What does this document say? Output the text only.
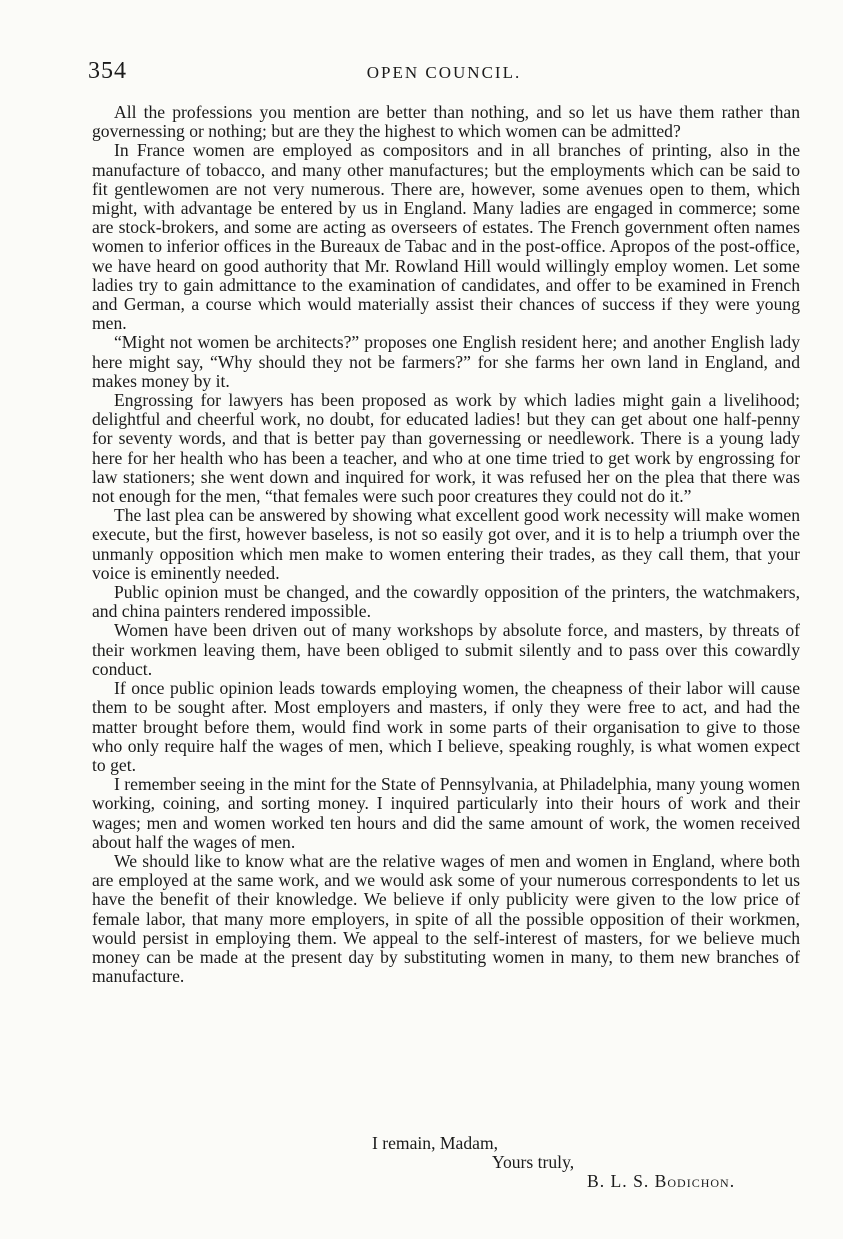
354	OPEN COUNCIL.

All the professions you mention are better than nothing, and so let us have them rather than governessing or nothing; but are they the highest to which women can be admitted?

In France women are employed as compositors and in all branches of printing, also in the manufacture of tobacco, and many other manufactures; but the employments which can be said to fit gentlewomen are not very numerous. There are, however, some avenues open to them, which might, with advantage be entered by us in England. Many ladies are engaged in commerce; some are stock-brokers, and some are acting as overseers of estates. The French government often names women to inferior offices in the Bureaux de Tabac and in the post-office. Apropos of the post-office, we have heard on good authority that Mr. Rowland Hill would willingly employ women. Let some ladies try to gain admittance to the examination of candidates, and offer to be examined in French and German, a course which would materially assist their chances of success if they were young men.

“Might not women be architects?” proposes one English resident here; and another English lady here might say, “Why should they not be farmers?” for she farms her own land in England, and makes money by it.

Engrossing for lawyers has been proposed as work by which ladies might gain a livelihood; delightful and cheerful work, no doubt, for educated ladies! but they can get about one half-penny for seventy words, and that is better pay than governessing or needlework. There is a young lady here for her health who has been a teacher, and who at one time tried to get work by engrossing for law stationers; she went down and inquired for work, it was refused her on the plea that there was not enough for the men, “that females were such poor creatures they could not do it.”

The last plea can be answered by showing what excellent good work necessity will make women execute, but the first, however baseless, is not so easily got over, and it is to help a triumph over the unmanly opposition which men make to women entering their trades, as they call them, that your voice is eminently needed.

Public opinion must be changed, and the cowardly opposition of the printers, the watchmakers, and china painters rendered impossible.

Women have been driven out of many workshops by absolute force, and masters, by threats of their workmen leaving them, have been obliged to submit silently and to pass over this cowardly conduct.

If once public opinion leads towards employing women, the cheapness of their labor will cause them to be sought after. Most employers and masters, if only they were free to act, and had the matter brought before them, would find work in some parts of their organisation to give to those who only require half the wages of men, which I believe, speaking roughly, is what women expect to get.

I remember seeing in the mint for the State of Pennsylvania, at Philadelphia, many young women working, coining, and sorting money. I inquired particularly into their hours of work and their wages; men and women worked ten hours and did the same amount of work, the women received about half the wages of men.

We should like to know what are the relative wages of men and women in England, where both are employed at the same work, and we would ask some of your numerous correspondents to let us have the benefit of their knowledge. We believe if only publicity were given to the low price of female labor, that many more employers, in spite of all the possible opposition of their workmen, would persist in employing them. We appeal to the self-interest of masters, for we believe much money can be made at the present day by substituting women in many, to them new branches of manufacture.

I remain, Madam,
Yours truly,
B. L. S. Bodichon.
